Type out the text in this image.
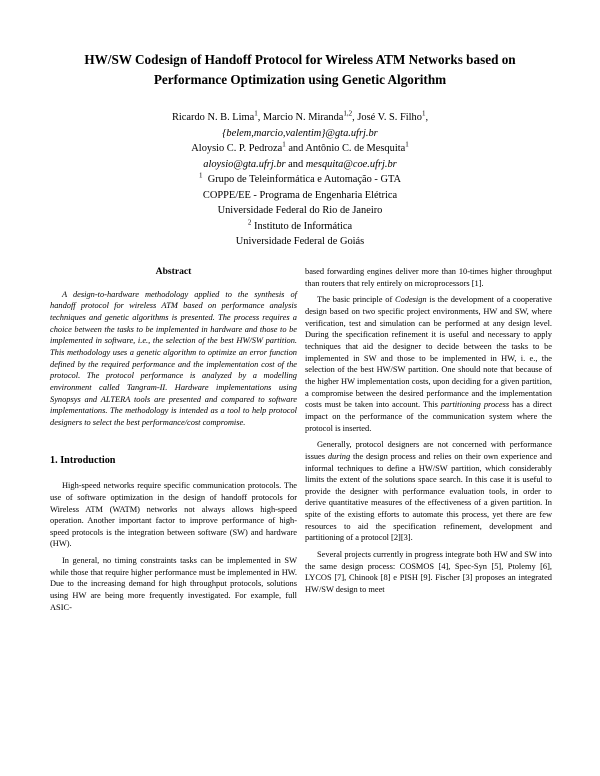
HW/SW Codesign of Handoff Protocol for Wireless ATM Networks based on
Performance Optimization using Genetic Algorithm
Ricardo N. B. Lima$^1$, Marcio N. Miranda$^{1,2}$, José V. S. Filho$^1$,
{belem,marcio,valentim}@gta.ufrj.br
Aloysio C. P. Pedroza$^1$ and Antônio C. de Mesquita$^1$
aloysio@gta.ufrj.br and mesquita@coe.ufrj.br
$^1$ Grupo de Teleinformática e Automação - GTA
COPPE/EE - Programa de Engenharia Elétrica
Universidade Federal do Rio de Janeiro
$^2$ Instituto de Informática
Universidade Federal de Goiás
Abstract

A design-to-hardware methodology applied to the synthesis of handoff protocol for wireless ATM based on performance analysis techniques and genetic algorithms is presented. The process requires a choice between the tasks to be implemented in hardware and those to be implemented in software, i.e., the selection of the best HW/SW partition. This methodology uses a genetic algorithm to optimize an error function defined by the required performance and the implementation cost of the protocol. The protocol performance is analyzed by a modelling environment called Tangram-II. Hardware implementations using Synopsys and ALTERA tools are presented and compared to software implementations. The methodology is intended as a tool to help protocol designers to select the best performance/cost compromise.

1. Introduction

High-speed networks require specific communication protocols. The use of software optimization in the design of handoff protocols for Wireless ATM (WATM) networks not always allows high-speed operation. Another important factor to improve performance of high-speed protocols is the integration between software (SW) and hardware (HW).

In general, no timing constraints tasks can be implemented in SW while those that require higher performance must be implemented in HW. Due to the increasing demand for high throughput protocols, solutions using HW are being more frequently investigated. For example, full ASIC-

based forwarding engines deliver more than 10-times higher throughput than routers that rely entirely on microprocessors [1].

The basic principle of Codesign is the development of a cooperative design based on two specific project environments, HW and SW, where verification, test and simulation can be performed at any design level. During the specification refinement it is useful and necessary to apply techniques that aid the designer to decide between the tasks to be implemented in SW and those to be implemented in HW, i. e., the selection of the best HW/SW partition. One should note that because of the higher HW implementation costs, upon deciding for a given partition, a compromise between the desired performance and the implementation costs must be taken into account. This partitioning process has a direct impact on the performance of the communication system where the protocol is inserted.

Generally, protocol designers are not concerned with performance issues during the design process and relies on their own experience and informal techniques to define a HW/SW partition, which considerably limits the extent of the solutions space search. In this case it is useful to provide the designer with performance evaluation tools, in order to derive quantitative measures of the effectiveness of a given partition. In spite of the existing efforts to automate this process, yet there are few resources to aid the specification refinement, development and partitioning of a protocol [2][3].

Several projects currently in progress integrate both HW and SW into the same design process: COSMOS [4], Spec-Syn [5], Ptolemy [6], LYCOS [7], Chinook [8] e PISH [9]. Fischer [3] proposes an integrated HW/SW design to meet
